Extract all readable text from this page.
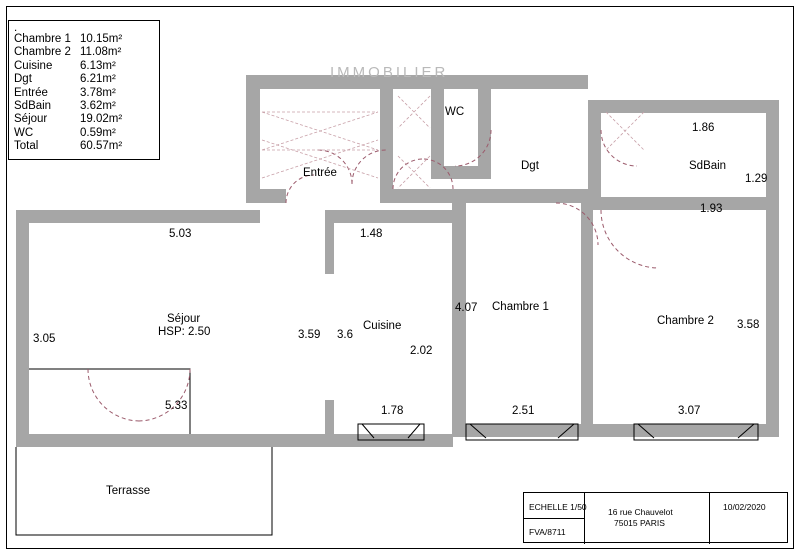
.
Chambre 1 10.15m²
Chambre 2 11.08m²
Cuisine	6.13m²
Dgt	6.21m²
Entrée	3.78m²
SdBain	3.62m²
Séjour	19.02m²
WC	0.59m²
Total	60.57m²
IMMOBILIER
Entrée
WC
Dgt	SdBain
Séjour
HSP: 2.50	Cuisine
Chambre 1
Chambre 2
Terrasse
1.86
1.29
1.93
5.03	1.48
3.05	3.59 3.6
2.02
4.07
3.58
5.33	1.78	2.51	3.07
ECHELLE 1/50
FVA/8711
16 rue Chauvelot
75015 PARIS
10/02/2020
